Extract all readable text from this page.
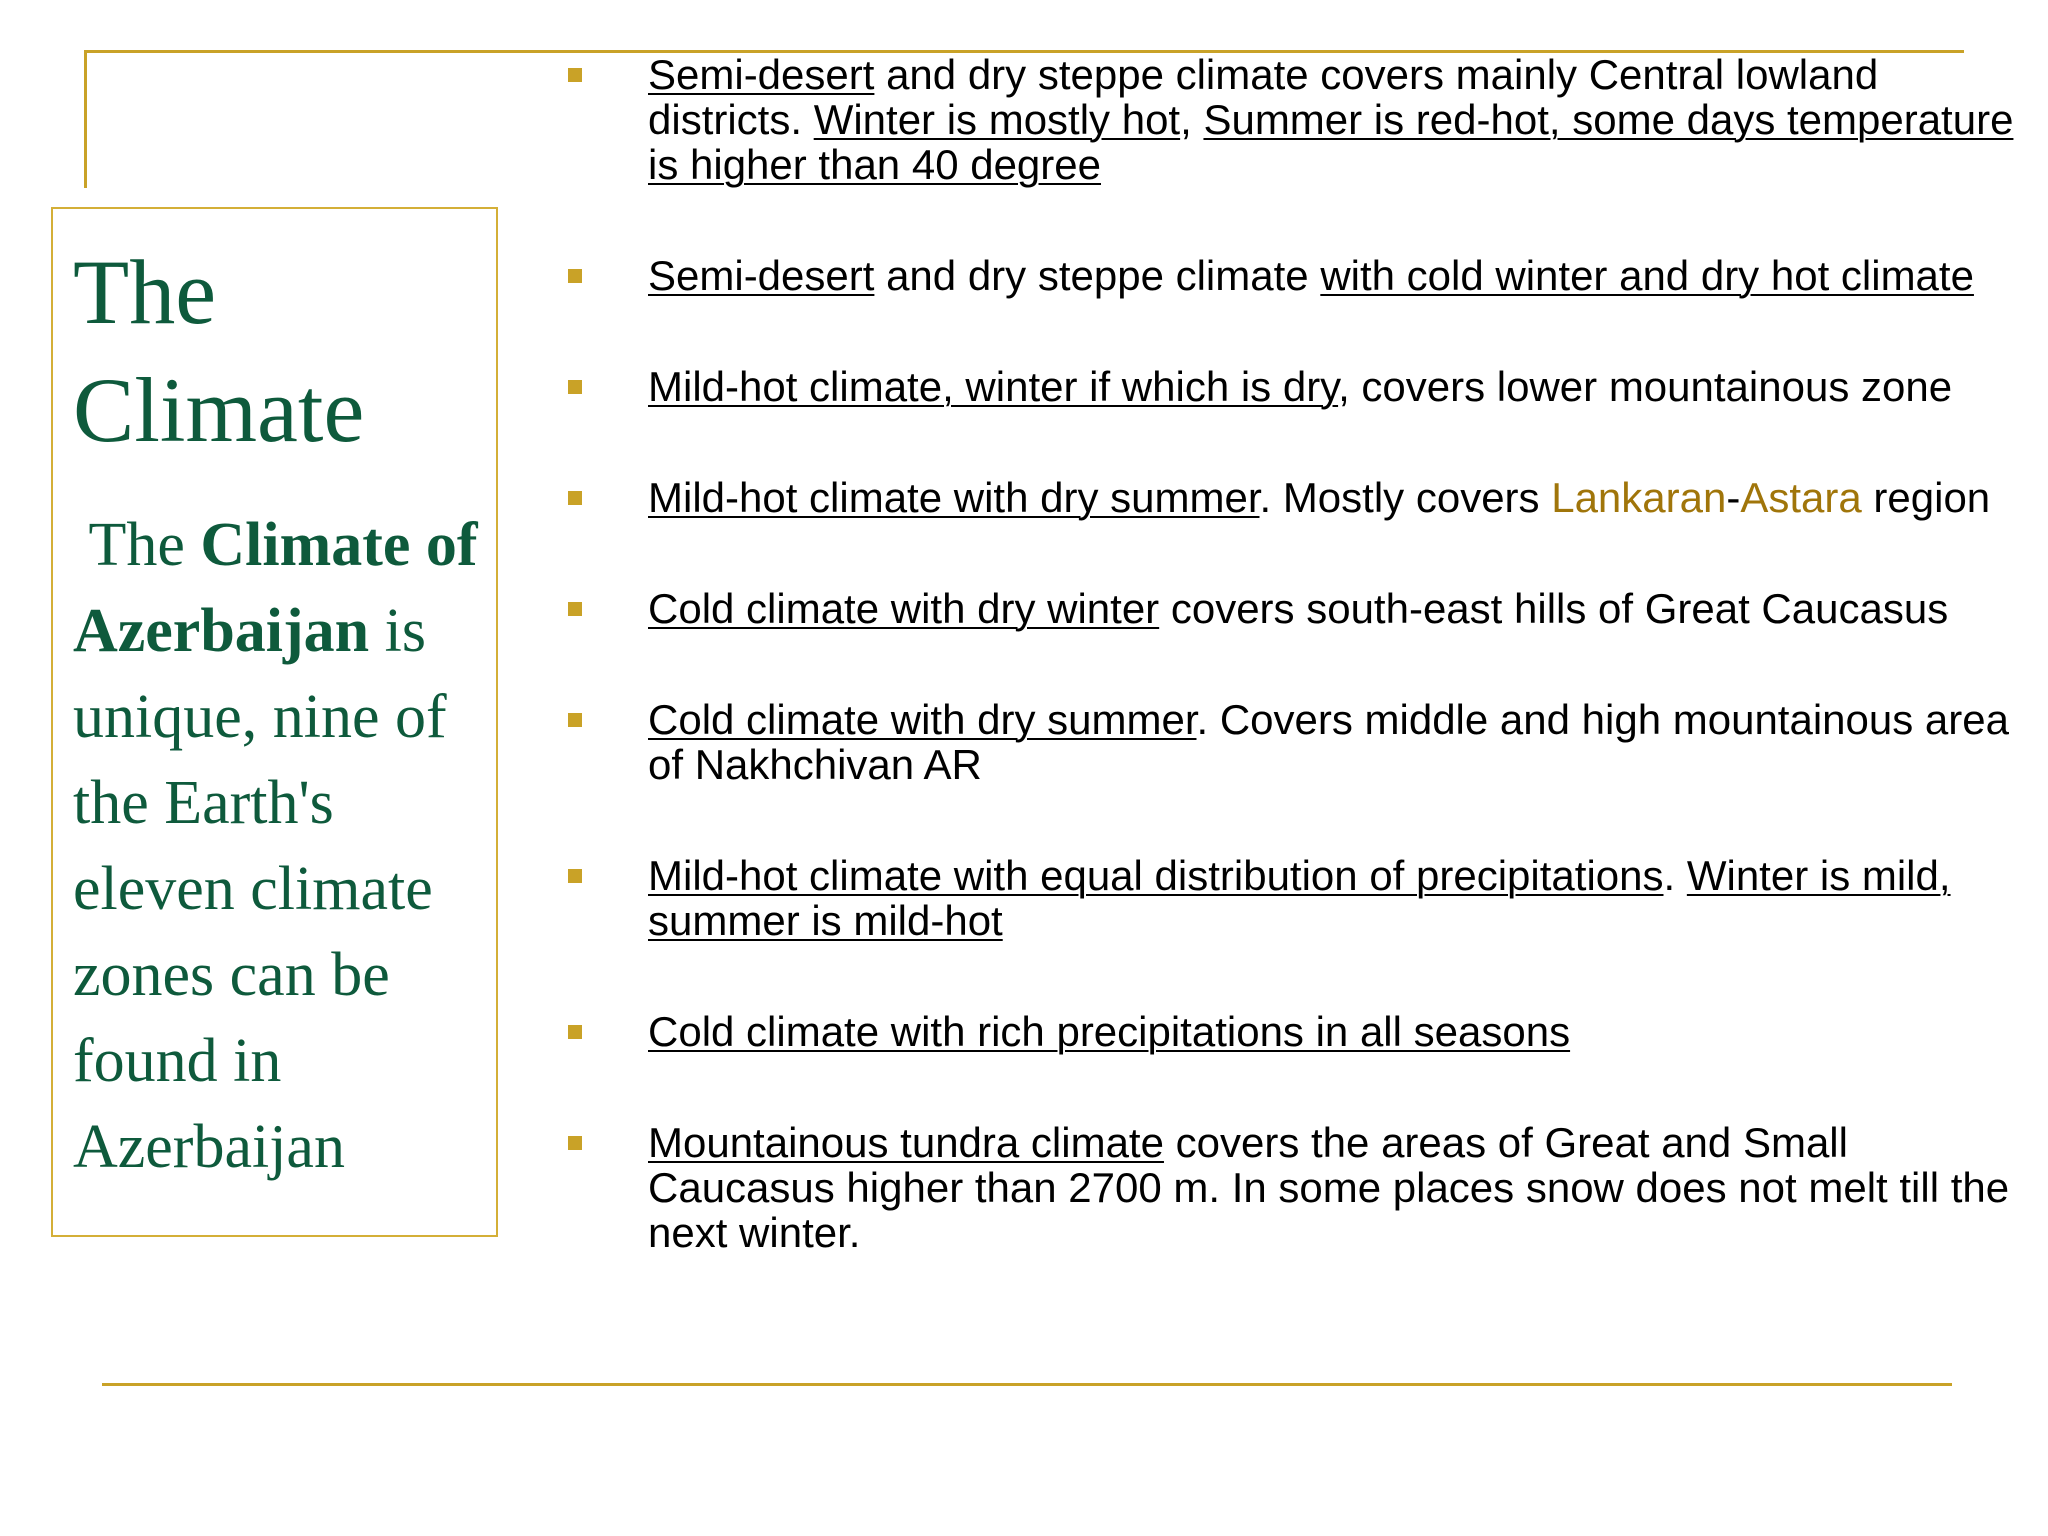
The Climate
The Climate of Azerbaijan is unique, nine of the Earth's eleven climate zones can be found in Azerbaijan
Semi-desert and dry steppe climate covers mainly Central lowland districts. Winter is mostly hot, Summer is red-hot, some days temperature is higher than 40 degree
Semi-desert and dry steppe climate with cold winter and dry hot climate
Mild-hot climate, winter if which is dry, covers lower mountainous zone
Mild-hot climate with dry summer. Mostly covers Lankaran-Astara region
Cold climate with dry winter covers south-east hills of Great Caucasus
Cold climate with dry summer. Covers middle and high mountainous area of Nakhchivan AR
Mild-hot climate with equal distribution of precipitations. Winter is mild, summer is mild-hot
Cold climate with rich precipitations in all seasons
Mountainous tundra climate covers the areas of Great and Small Caucasus higher than 2700 m. In some places snow does not melt till the next winter.
